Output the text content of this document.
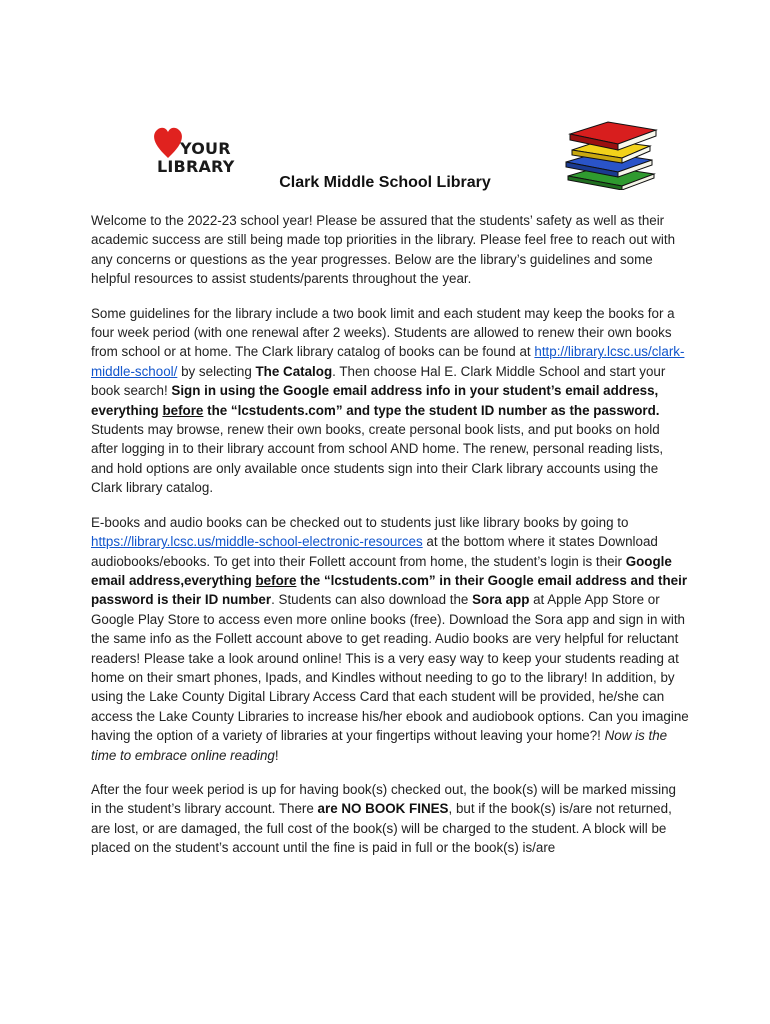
YOUR
LIBRARY
Clark Middle School Library

Welcome to the 2022-23 school year! Please be assured that the students’ safety as well as their academic success are still being made top priorities in the library. Please feel free to reach out with any concerns or questions as the year progresses. Below are the library’s guidelines and some helpful resources to assist students/parents throughout the year.

Some guidelines for the library include a two book limit and each student may keep the books for a four week period (with one renewal after 2 weeks). Students are allowed to renew their own books from school or at home. The Clark library catalog of books can be found at http://library.lcsc.us/clark-middle-school/ by selecting The Catalog. Then choose Hal E. Clark Middle School and start your book search! Sign in using the Google email address info in your student’s email address, everything before the “lcstudents.com” and type the student ID number as the password. Students may browse, renew their own books, create personal book lists, and put books on hold after logging in to their library account from school AND home. The renew, personal reading lists, and hold options are only available once students sign into their Clark library accounts using the Clark library catalog.

E-books and audio books can be checked out to students just like library books by going to https://library.lcsc.us/middle-school-electronic-resources at the bottom where it states Download audiobooks/ebooks. To get into their Follett account from home, the student’s login is their Google email address,everything before the “lcstudents.com” in their Google email address and their password is their ID number. Students can also download the Sora app at Apple App Store or Google Play Store to access even more online books (free). Download the Sora app and sign in with the same info as the Follett account above to get reading. Audio books are very helpful for reluctant readers! Please take a look around online! This is a very easy way to keep your students reading at home on their smart phones, Ipads, and Kindles without needing to go to the library! In addition, by using the Lake County Digital Library Access Card that each student will be provided, he/she can access the Lake County Libraries to increase his/her ebook and audiobook options. Can you imagine having the option of a variety of libraries at your fingertips without leaving your home?! Now is the time to embrace online reading!

After the four week period is up for having book(s) checked out, the book(s) will be marked missing in the student’s library account. There are NO BOOK FINES, but if the book(s) is/are not returned, are lost, or are damaged, the full cost of the book(s) will be charged to the student. A block will be placed on the student’s account until the fine is paid in full or the book(s) is/are
